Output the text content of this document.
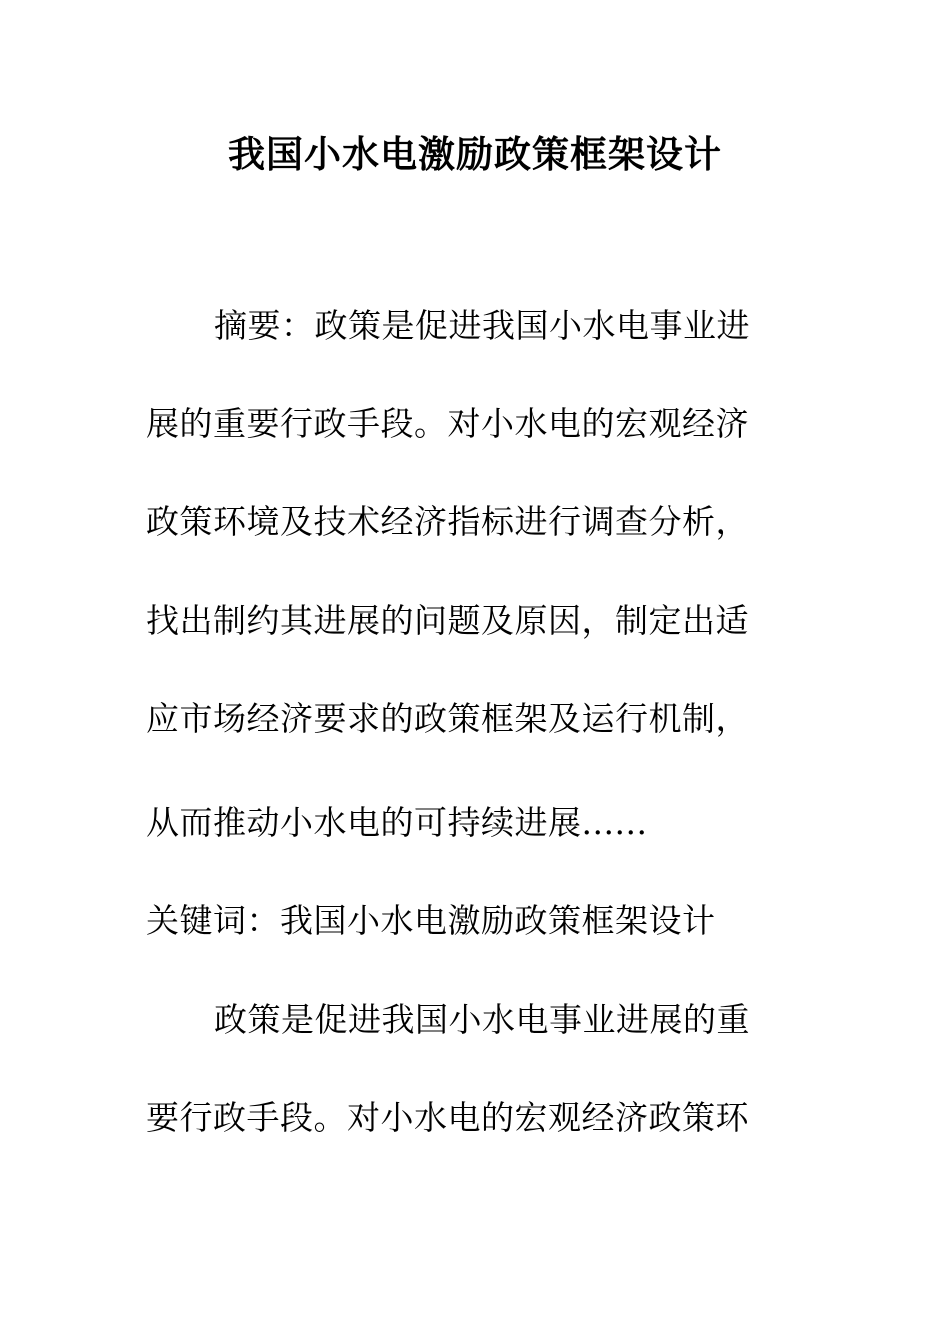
我国小水电激励政策框架设计
摘要：政策是促进我国小水电事业进
展的重要行政手段。对小水电的宏观经济
政策环境及技术经济指标进行调查分析，
找出制约其进展的问题及原因，制定出适
应市场经济要求的政策框架及运行机制，
从而推动小水电的可持续进展......
关键词：我国小水电激励政策框架设计
政策是促进我国小水电事业进展的重
要行政手段。对小水电的宏观经济政策环
